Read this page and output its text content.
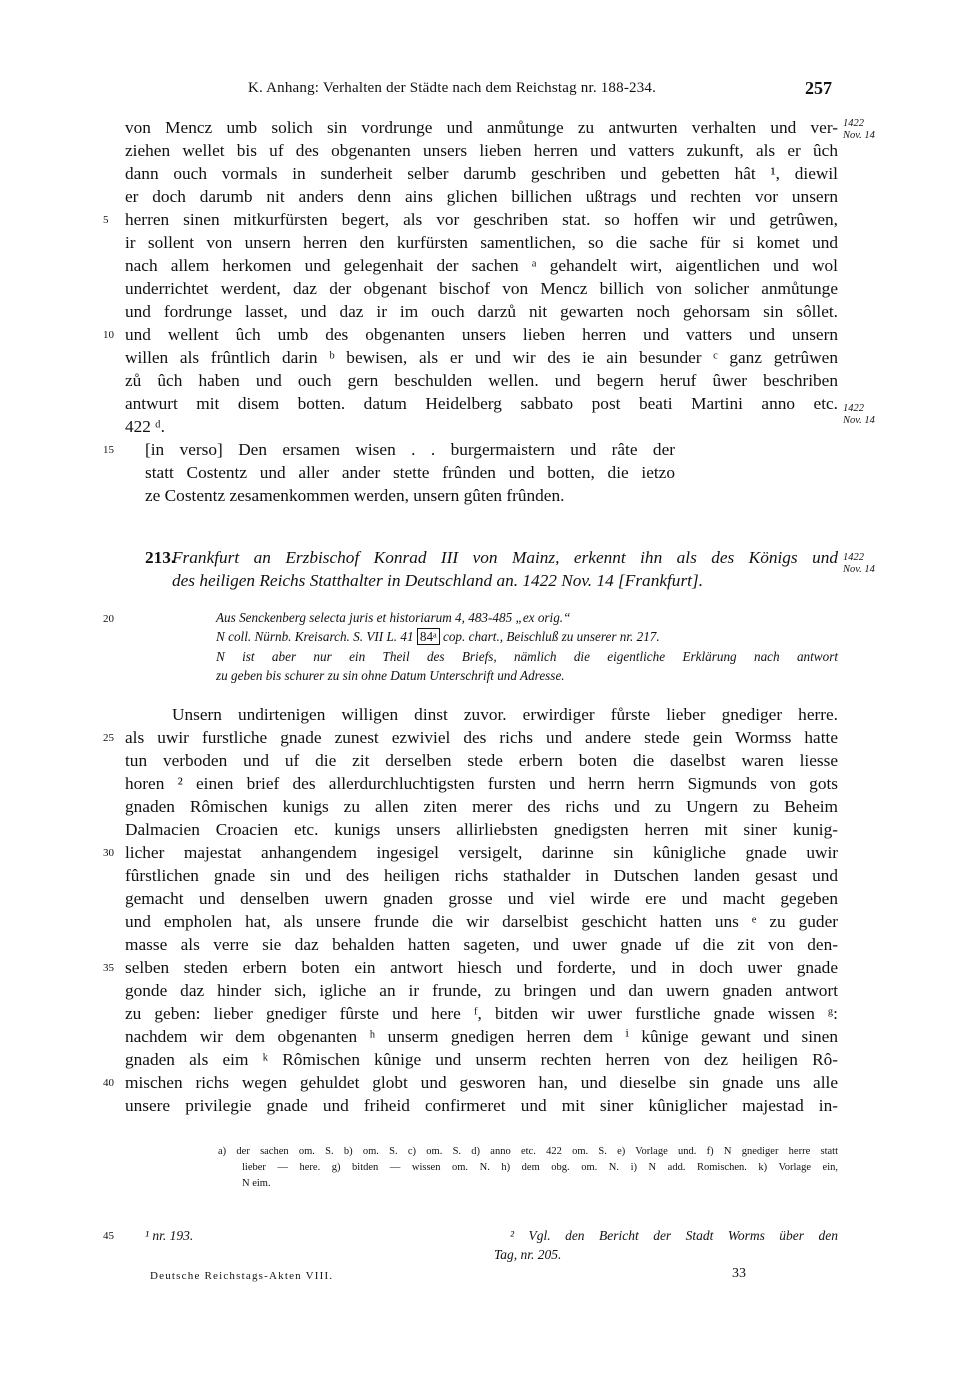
K. Anhang: Verhalten der Städte nach dem Reichstag nr. 188-234.	257
von Mencz umb solich sin vordrunge und anmůtunge zu antwurten verhalten und ver-
ziehen wellet bis uf des obgenanten unsers lieben herren und vatters zukunft, als er ûch
dann ouch vormals in sunderheit selber darumb geschriben und gebetten hât ¹, diewil
er doch darumb nit anders denn ains glichen billichen ußtrags und rechten vor unsern
herren sinen mitkurfürsten begert, als vor geschriben stat. so hoffen wir und getrûwen,
ir sollent von unsern herren den kurfürsten samentlichen, so die sache für si komet und
nach allem herkomen und gelegenhait der sachen ᵃ gehandelt wirt, aigentlichen und wol
underrichtet werdent, daz der obgenant bischof von Mencz billich von solicher anmůtunge
und fordrunge lasset, und daz ir im ouch darzů nit gewarten noch gehorsam sin sôllet.
und wellent ûch umb des obgenanten unsers lieben herren und vatters und unsern
willen als frûntlich darin ᵇ bewisen, als er und wir des ie ain besunder ᶜ ganz getrûwen
zů ûch haben und ouch gern beschulden wellen. und begern heruf ûwer beschriben
antwurt mit disem botten. datum Heidelberg sabbato post beati Martini anno etc.
422 ᵈ.
[in verso] Den ersamen wisen . . burgermaistern und râte der
statt Costentz und aller ander stette frûnden und botten, die ietzo
ze Costentz zesamenkommen werden, unsern gûten frûnden.
213.
Frankfurt an Erzbischof Konrad III von Mainz, erkennt ihn als des Königs und
des heiligen Reichs Statthalter in Deutschland an. 1422 Nov. 14 [Frankfurt].
Aus Senckenberg selecta juris et historiarum 4, 483-485 „ex orig.“
N coll. Nürnb. Kreisarch. S. VII L. 41 84ᵃ cop. chart., Beischluß zu unserer nr. 217.
N ist aber nur ein Theil des Briefs, nämlich die eigentliche Erklärung nach antwort
zu geben bis schurer zu sin ohne Datum Unterschrift und Adresse.
Unsern undirtenigen willigen dinst zuvor. erwirdiger fůrste lieber gnediger herre.
als uwir furstliche gnade zunest ezwiviel des richs und andere stede gein Wormss hatte
tun verboden und uf die zit derselben stede erbern boten die daselbst waren liesse
horen ² einen brief des allerdurchluchtigsten fursten und herrn herrn Sigmunds von gots
gnaden Rômischen kunigs zu allen ziten merer des richs und zu Ungern zu Beheim
Dalmacien Croacien etc. kunigs unsers allirliebsten gnedigsten herren mit siner kunig-
licher majestat anhangendem ingesigel versigelt, darinne sin kûnigliche gnade uwir
fûrstlichen gnade sin und des heiligen richs stathalder in Dutschen landen gesast und
gemacht und denselben uwern gnaden grosse und viel wirde ere und macht gegeben
und empholen hat, als unsere frunde die wir darselbist geschicht hatten uns ᵉ zu guder
masse als verre sie daz behalden hatten sageten, und uwer gnade uf die zit von den-
selben steden erbern boten ein antwort hiesch und forderte, und in doch uwer gnade
gonde daz hinder sich, igliche an ir frunde, zu bringen und dan uwern gnaden antwort
zu geben: lieber gnediger fûrste und here ᶠ, bitden wir uwer furstliche gnade wissen ᵍ:
nachdem wir dem obgenanten ʰ unserm gnedigen herren dem ⁱ kûnige gewant und sinen
gnaden als eim ᵏ Rômischen kûnige und unserm rechten herren von dez heiligen Rô-
mischen richs wegen gehuldet globt und gesworen han, und dieselbe sin gnade uns alle
unsere privilegie gnade und friheid confirmeret und mit siner kûniglicher majestad in-
5
10
15
20
25
30
35
40
45
1422
Nov. 14
1422
Nov. 14
1422
Nov. 14
a) der sachen om. S. b) om. S. c) om. S. d) anno etc. 422 om. S. e) Vorlage und. f) N gnediger herre statt
lieber — here. g) bitden — wissen om. N. h) dem obg. om. N. i) N add. Romischen. k) Vorlage ein,
N eim.
¹ nr. 193.	² Vgl. den Bericht der Stadt Worms über den
Tag, nr. 205.
Deutsche Reichstags-Akten VIII.	33
